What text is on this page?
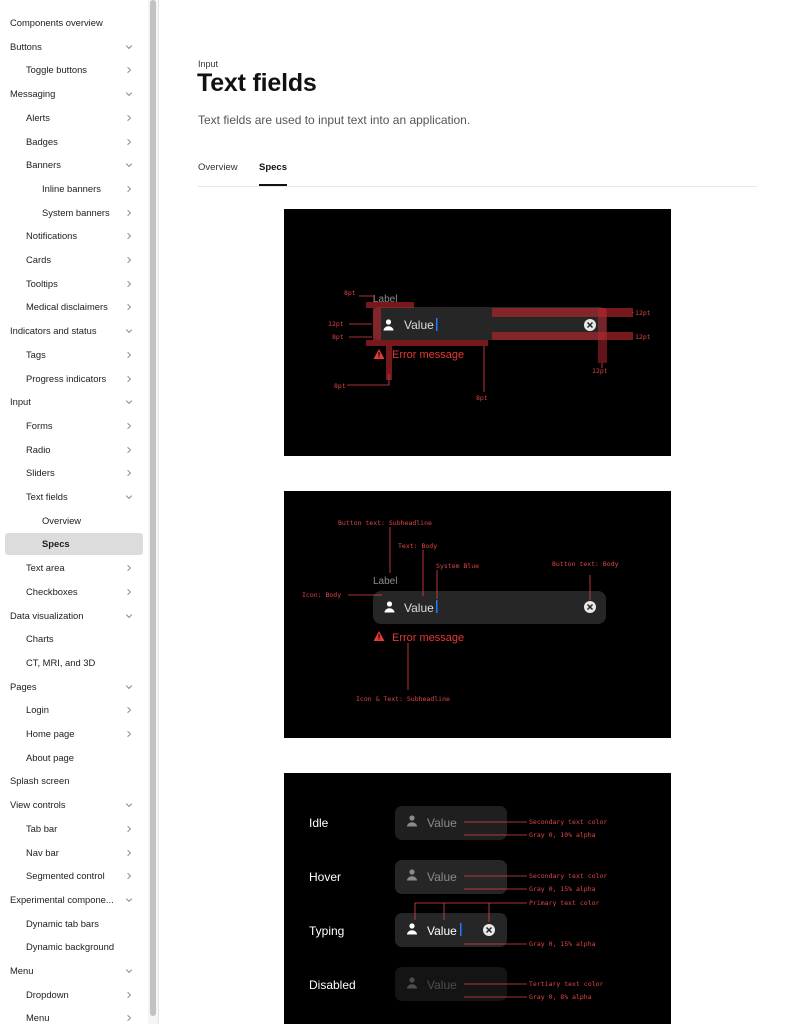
Components overview
Buttons
Toggle buttons
Messaging
Alerts
Badges
Banners
Inline banners
System banners
Notifications
Cards
Tooltips
Medical disclaimers
Indicators and status
Tags
Progress indicators
Input
Forms
Radio
Sliders
Text fields
Overview
Specs
Text area
Checkboxes
Data visualization
Charts
CT, MRI, and 3D
Pages
Login
Home page
About page
Splash screen
View controls
Tab bar
Nav bar
Segmented control
Experimental compone...
Dynamic tab bars
Dynamic background
Menu
Dropdown
Menu
Input
Text fields
Text fields are used to input text into an application.
Overview Specs
Label
Value
Error message
8pt
12pt
8pt
8pt
8pt
12pt
12pt
12pt
Label
Value
Error message
Button text: Subheadline
Text: Body
System Blue	Button text: Body
Icon: Body
Icon & Text: Subheadline
Idle	Value
Hover	Value
Typing	Value
Disabled	Value
Secondary text color
Gray 0, 10% alpha
Secondary text color
Gray 0, 15% alpha
Primary text color
Gray 0, 15% alpha
Tertiary text color
Gray 0, 8% alpha
